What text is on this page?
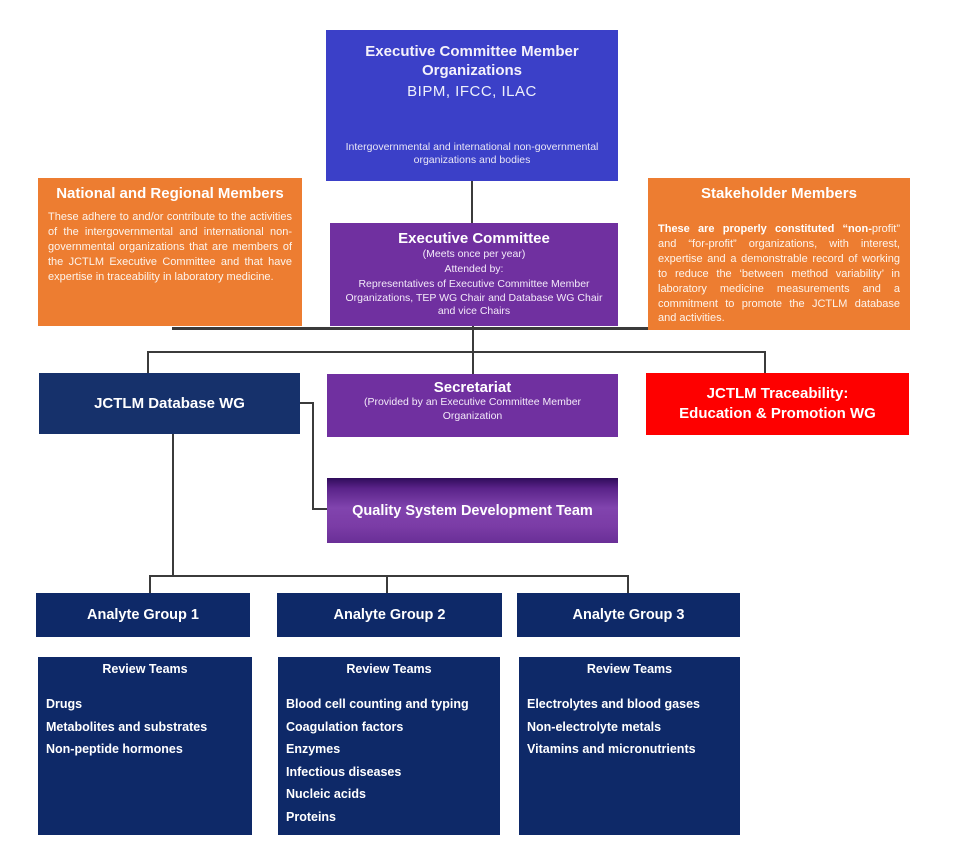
Executive Committee Member Organizations
BIPM, IFCC, ILAC
Intergovernmental and international non-governmental organizations and bodies
National and Regional Members
These adhere to and/or contribute to the activities of the intergovernmental and international non-governmental organizations that are members of the JCTLM Executive Committee and that have expertise in traceability in laboratory medicine.
Stakeholder Members
These are properly constituted “non-profit” and “for-profit” organizations, with interest, expertise and a demonstrable record of working to reduce the ‘between method variability’ in laboratory medicine measurements and a commitment to promote the JCTLM database and activities.
Executive Committee
(Meets once per year)
Attended by:
Representatives of Executive Committee Member Organizations, TEP WG Chair and Database WG Chair and vice Chairs
JCTLM Database WG
Secretariat
(Provided by an Executive Committee Member Organization
JCTLM Traceability: Education & Promotion WG
Quality System Development Team
Analyte Group 1	Analyte Group 2	Analyte Group 3
Review Teams
Drugs
Metabolites and substrates
Non-peptide hormones
Review Teams
Blood cell counting and typing
Coagulation factors
Enzymes
Infectious diseases
Nucleic acids
Proteins
Review Teams
Electrolytes and blood gases
Non-electrolyte metals
Vitamins and micronutrients
